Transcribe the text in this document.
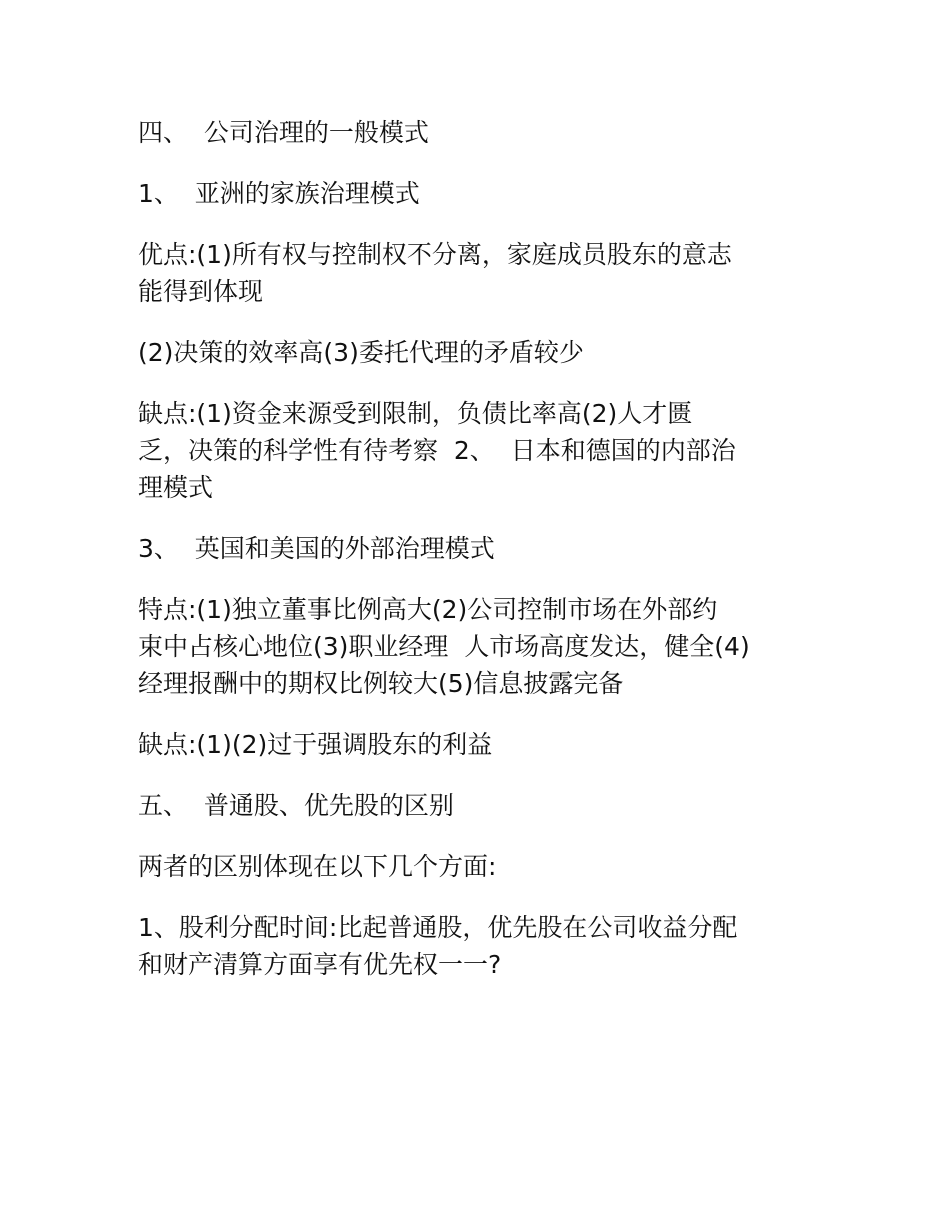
四、  公司治理的一般模式

1、  亚洲的家族治理模式

优点:(1)所有权与控制权不分离，家庭成员股东的意志
能得到体现

(2)决策的效率高(3)委托代理的矛盾较少

缺点:(1)资金来源受到限制，负债比率高(2)人才匮
乏，决策的科学性有待考察  2、  日本和德国的内部治
理模式

3、  英国和美国的外部治理模式

特点:(1)独立董事比例高大(2)公司控制市场在外部约
束中占核心地位(3)职业经理  人市场高度发达，健全(4)
经理报酬中的期权比例较大(5)信息披露完备

缺点:(1)(2)过于强调股东的利益

五、  普通股、优先股的区别

两者的区别体现在以下几个方面:

1、股利分配时间:比起普通股，优先股在公司收益分配
和财产清算方面享有优先权一一?
